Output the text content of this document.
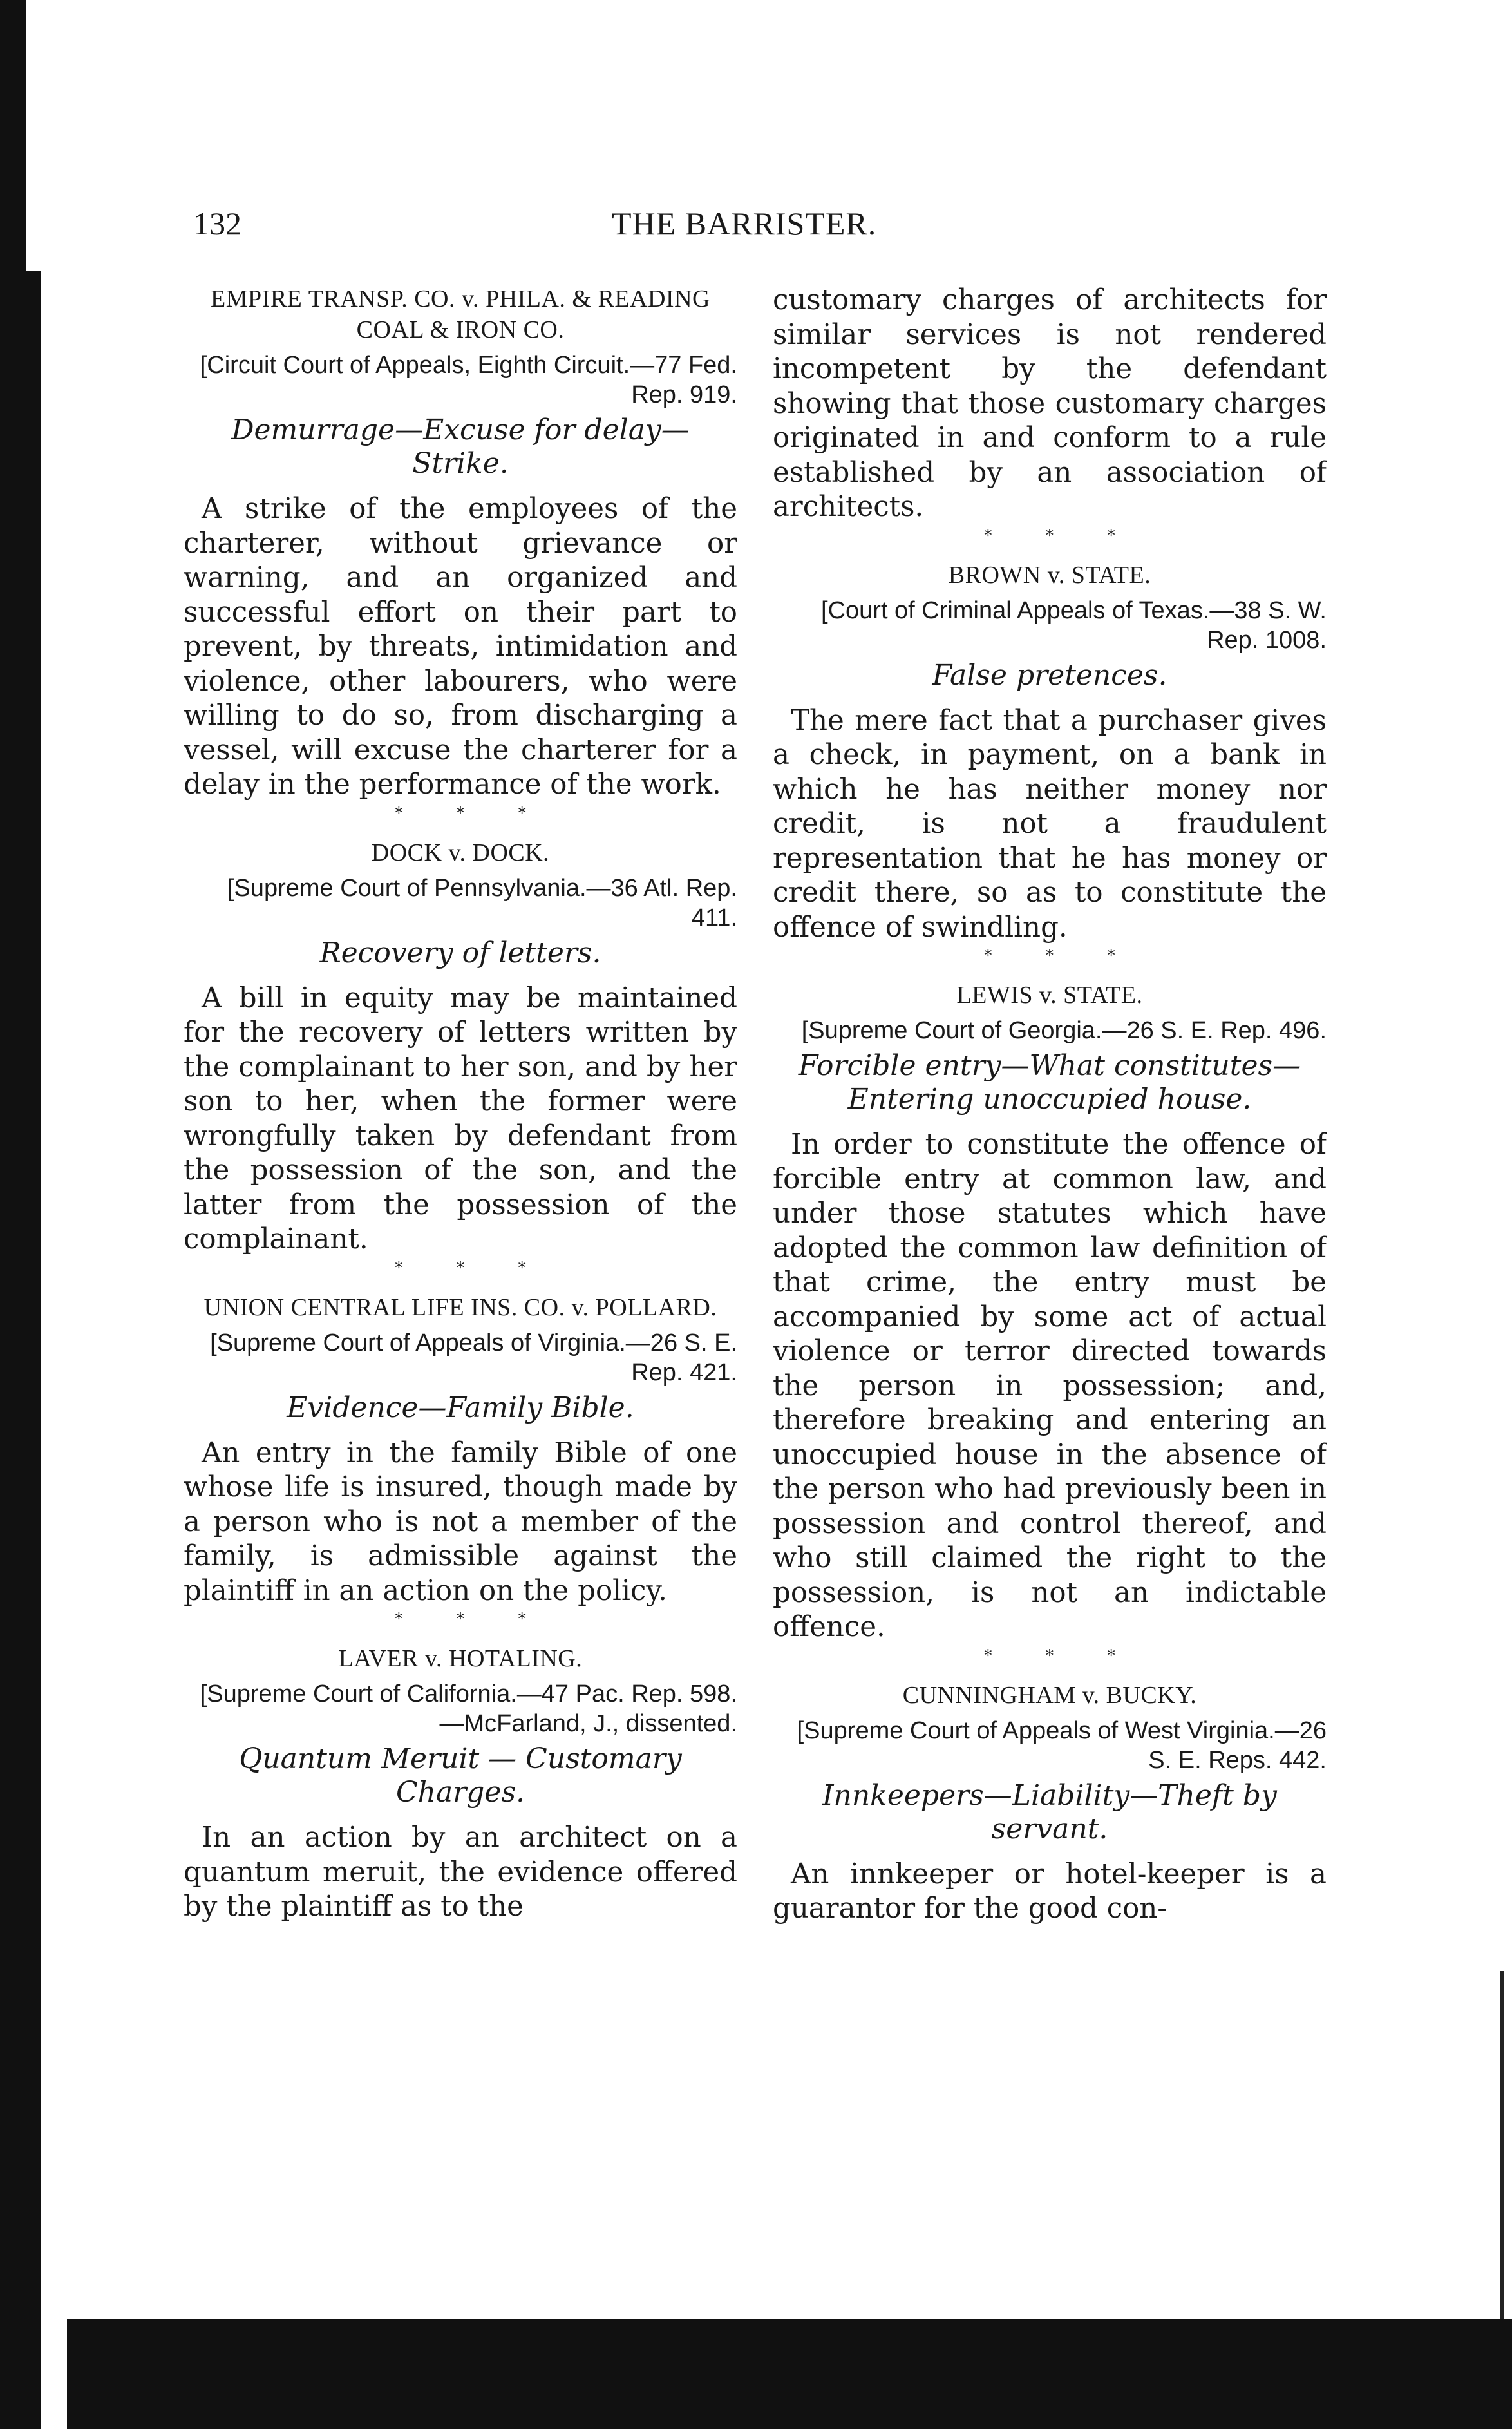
132	THE BARRISTER.
EMPIRE TRANSP. CO. v. PHILA. & READING COAL & IRON CO.
[Circuit Court of Appeals, Eighth Circuit.—77 Fed. Rep. 919.
Demurrage—Excuse for delay—Strike.

A strike of the employees of the charterer, without grievance or warning, and an organized and successful effort on their part to prevent, by threats, intimidation and violence, other labourers, who were willing to do so, from discharging a vessel, will excuse the charterer for a delay in the performance of the work.

* * *
DOCK v. DOCK.
[Supreme Court of Pennsylvania.—36 Atl. Rep. 411.
Recovery of letters.

A bill in equity may be maintained for the recovery of letters written by the complainant to her son, and by her son to her, when the former were wrongfully taken by defendant from the possession of the son, and the latter from the possession of the complainant.

* * *
UNION CENTRAL LIFE INS. CO. v. POLLARD.
[Supreme Court of Appeals of Virginia.—26 S. E. Rep. 421.
Evidence—Family Bible.

An entry in the family Bible of one whose life is insured, though made by a person who is not a member of the family, is admissible against the plaintiff in an action on the policy.

* * *
LAVER v. HOTALING.
[Supreme Court of California.—47 Pac. Rep. 598.—McFarland, J., dissented.
Quantum Meruit — Customary Charges.

In an action by an architect on a quantum meruit, the evidence offered by the plaintiff as to the

customary charges of architects for similar services is not rendered incompetent by the defendant showing that those customary charges originated in and conform to a rule established by an association of architects.

* * *
BROWN v. STATE.
[Court of Criminal Appeals of Texas.—38 S. W. Rep. 1008.
False pretences.

The mere fact that a purchaser gives a check, in payment, on a bank in which he has neither money nor credit, is not a fraudulent representation that he has money or credit there, so as to constitute the offence of swindling.

* * *
LEWIS v. STATE.
[Supreme Court of Georgia.—26 S. E. Rep. 496.
Forcible entry—What constitutes—Entering unoccupied house.

In order to constitute the offence of forcible entry at common law, and under those statutes which have adopted the common law definition of that crime, the entry must be accompanied by some act of actual violence or terror directed towards the person in possession; and, therefore breaking and entering an unoccupied house in the absence of the person who had previously been in possession and control thereof, and who still claimed the right to the possession, is not an indictable offence.

* * *
CUNNINGHAM v. BUCKY.
[Supreme Court of Appeals of West Virginia.—26 S. E. Reps. 442.
Innkeepers—Liability—Theft by servant.

An innkeeper or hotel-keeper is a guarantor for the good con-
